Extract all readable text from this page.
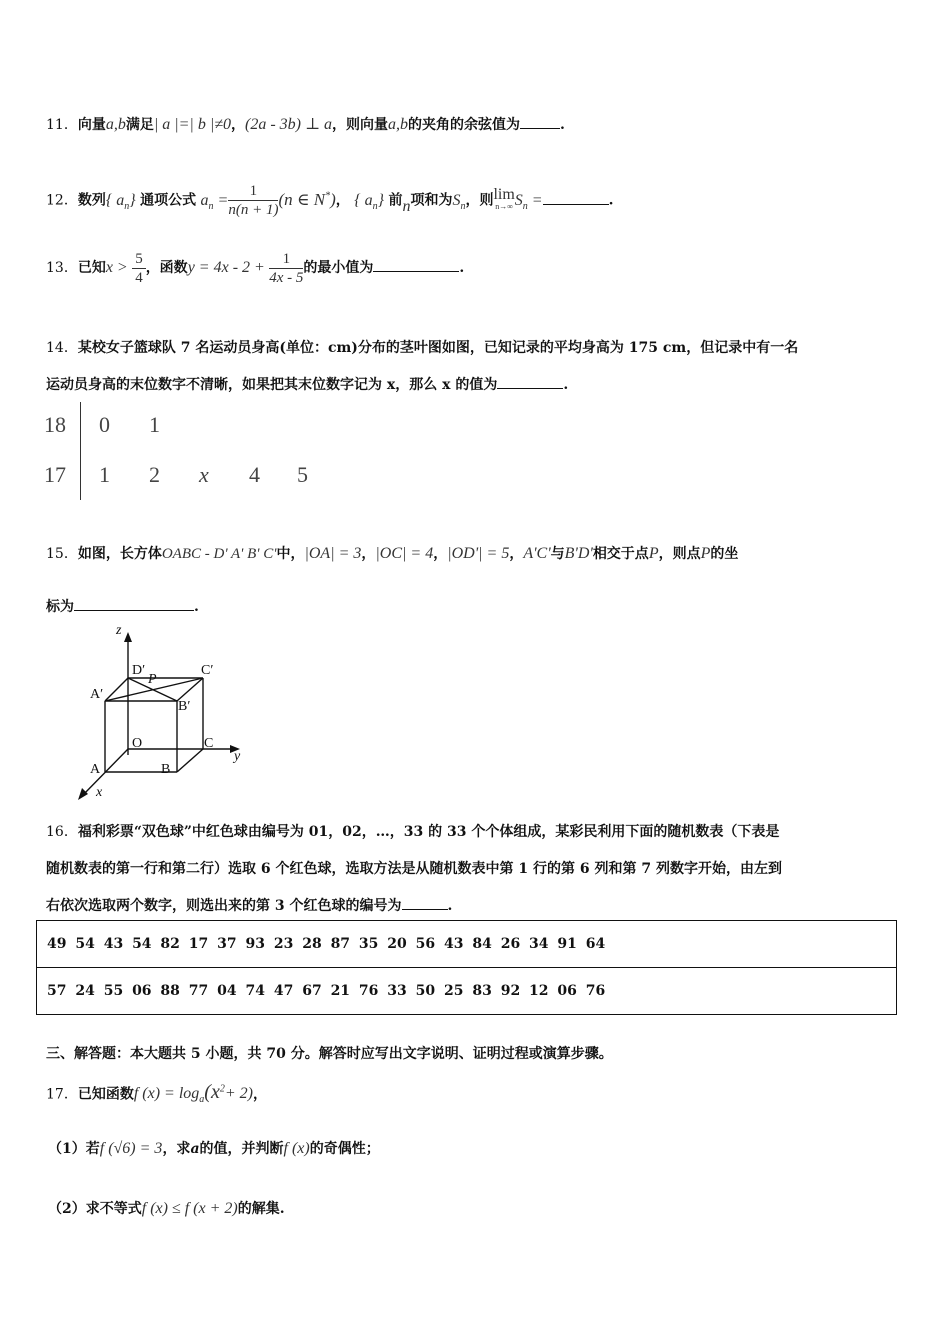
11．向量a,b满足| a |=| b |≠0，(2a - 3b) ⊥ a，则向量a,b的夹角的余弦值为	.
12．数列{ $a_n$} 通项公式 $a_n = \frac{1}{n(n + 1)} (n$ ∈ N*)， { $a_n$} 前n项和为$S_n$，则 lim
n→∞ $S_n$ =	.
13．已知$x > \frac{5}{4}$ ，函数$y = 4x - 2 + \frac{1}{4x - 5}$ 的最小值为	.
14．某校女子篮球队 7 名运动员身高(单位：cm)分布的茎叶图如图，已知记录的平均身高为 175 cm，但记录中有一名
运动员身高的末位数字不清晰，如果把其末位数字记为 x，那么 x 的值为	.
18 0 1
17 1 2 x 4 5
15．如图，长方体OABC - D' A' B' C'中，|OA| = 3，|OC| = 4，|OD'| = 5，A'C'与B'D'相交于点P，则点P的坐
标为	.
z
y
x
O
A	B
C
D′
A′
B′
C′
P
16．福利彩票“双色球”中红色球由编号为 01，02，…，33 的 33 个个体组成，某彩民利用下面的随机数表（下表是
随机数表的第一行和第二行）选取 6 个红色球，选取方法是从随机数表中第 1 行的第 6 列和第 7 列数字开始，由左到
右依次选取两个数字，则选出来的第 3 个红色球的编号为	.
49 54 43 54 82 17 37 93 23 28 87 35 20 56 43 84 26 34 91 64
57 24 55 06 88 77 04 74 47 67 21 76 33 50 25 83 92 12 06 76
三、解答题：本大题共 5 小题，共 70 分。解答时应写出文字说明、证明过程或演算步骤。
17．已知函数f $(x) = \log_a(x^2+ 2)$，
（1）若f (√6) = 3，求a的值，并判断f (x)的奇偶性；
（2）求不等式f (x) ≤ f (x + 2)的解集.
